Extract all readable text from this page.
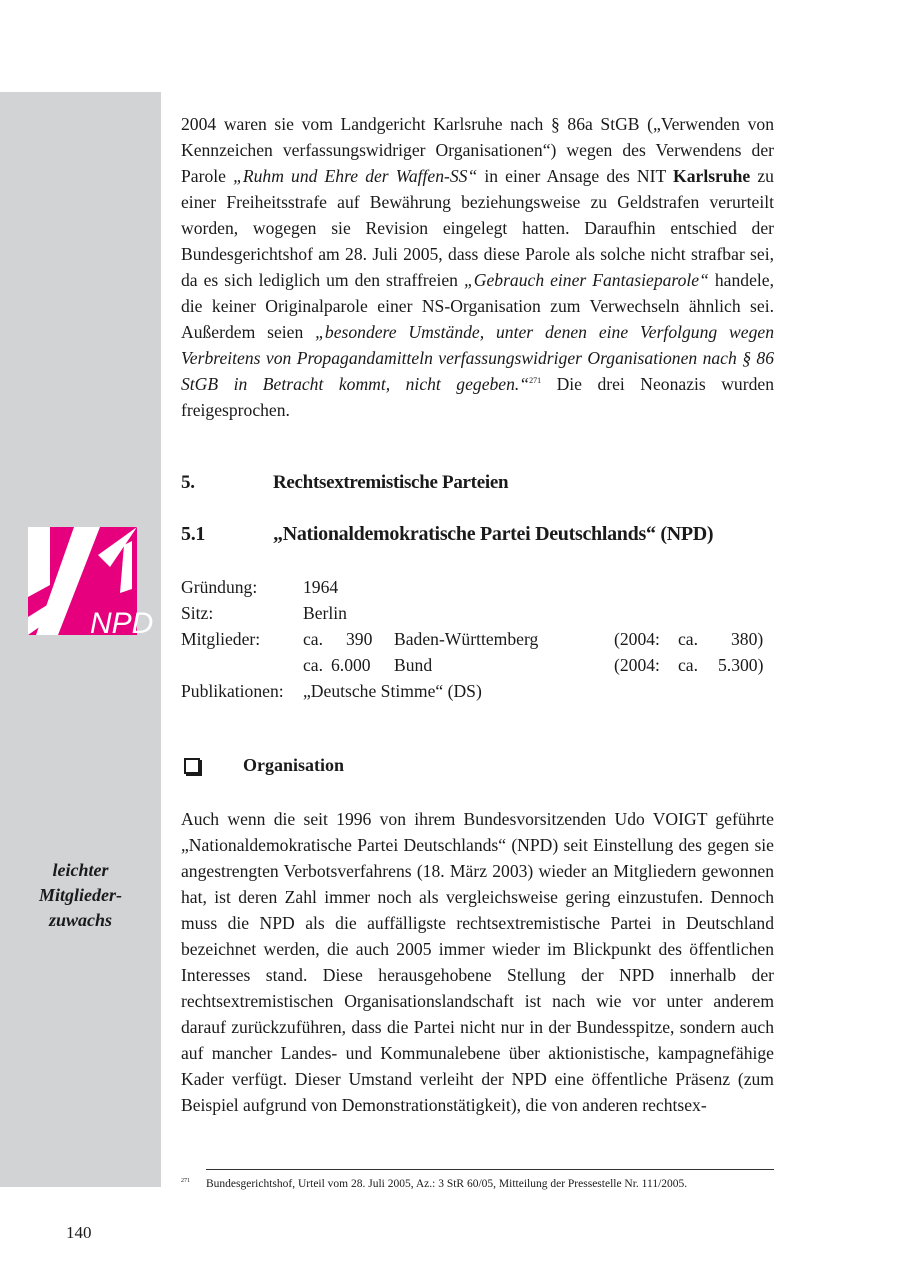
NPD
leichter
Mitglieder-
zuwachs

2004 waren sie vom Landgericht Karlsruhe nach § 86a StGB („Verwenden von Kennzeichen verfassungswidriger Organisationen“) wegen des Verwendens der Parole „Ruhm und Ehre der Waffen-SS“ in einer Ansage des NIT Karlsruhe zu einer Freiheitsstrafe auf Bewährung beziehungsweise zu Geldstrafen verurteilt worden, wogegen sie Revision eingelegt hatten. Daraufhin entschied der Bundesgerichtshof am 28. Juli 2005, dass diese Parole als solche nicht strafbar sei, da es sich lediglich um den straffreien „Gebrauch einer Fantasieparole“ handele, die keiner Originalparole einer NS-Organisation zum Verwechseln ähnlich sei. Außerdem seien „besondere Umstände, unter denen eine Verfolgung wegen Verbreitens von Propagandamitteln verfassungswidriger Organisationen nach § 86 StGB in Betracht kommt, nicht gegeben.“$^{271}$ Die drei Neonazis wurden freigesprochen.

5.	Rechtsextremistische Parteien
5.1	„Nationaldemokratische Partei Deutschlands“ (NPD)
Gründung:	1964
Sitz:	Berlin
Mitglieder: ca. 390 Baden-Württemberg	(2004: ca. 380)
ca. 6.000 Bund	(2004: ca. 5.300)
Publikationen: „Deutsche Stimme“ (DS)
Organisation

Auch wenn die seit 1996 von ihrem Bundesvorsitzenden Udo VOIGT geführte „Nationaldemokratische Partei Deutschlands“ (NPD) seit Einstellung des gegen sie angestrengten Verbotsverfahrens (18. März 2003) wieder an Mitgliedern gewonnen hat, ist deren Zahl immer noch als vergleichsweise gering einzustufen. Dennoch muss die NPD als die auffälligste rechtsextremistische Partei in Deutschland bezeichnet werden, die auch 2005 immer wieder im Blickpunkt des öffentlichen Interesses stand. Diese herausgehobene Stellung der NPD innerhalb der rechtsextremistischen Organisationslandschaft ist nach wie vor unter anderem darauf zurückzuführen, dass die Partei nicht nur in der Bundesspitze, sondern auch auf mancher Landes- und Kommunalebene über aktionistische, kampagnefähige Kader verfügt. Dieser Umstand verleiht der NPD eine öffentliche Präsenz (zum Beispiel aufgrund von Demonstrationstätigkeit), die von anderen rechtsex-

$^{271}$ Bundesgerichtshof, Urteil vom 28. Juli 2005, Az.: 3 StR 60/05, Mitteilung der Pressestelle Nr. 111/2005.
140
